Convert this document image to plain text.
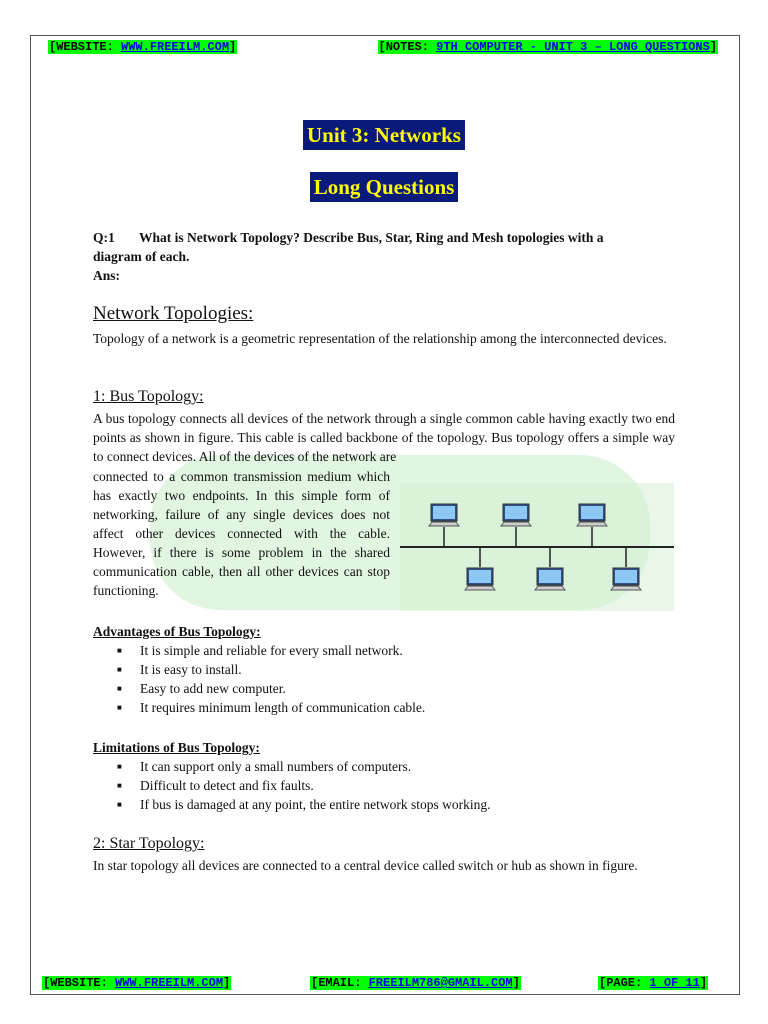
[WEBSITE: WWW.FREEILM.COM]	[NOTES: 9TH COMPUTER - UNIT 3 – LONG QUESTIONS]
Unit 3: Networks
Long Questions
Q:1 What is Network Topology? Describe Bus, Star, Ring and Mesh topologies with a
diagram of each.
Ans:
Network Topologies:
Topology of a network is a geometric representation of the relationship among the interconnected devices.
1: Bus Topology:
A bus topology connects all devices of the network through a single common cable having exactly two end points as shown in figure. This cable is called backbone of the topology. Bus topology offers a simple way to connect devices. All of the devices of the network are
connected to a common transmission medium which has exactly two endpoints. In this simple form of networking, failure of any single devices does not affect other devices connected with the cable. However, if there is some problem in the shared communication cable, then all other devices can stop functioning.
Advantages of Bus Topology:
■ It is simple and reliable for every small network.
■ It is easy to install.
■ Easy to add new computer.
■ It requires minimum length of communication cable.
Limitations of Bus Topology:
■ It can support only a small numbers of computers.
■ Difficult to detect and fix faults.
■ If bus is damaged at any point, the entire network stops working.
2: Star Topology:
In star topology all devices are connected to a central device called switch or hub as shown in figure.
[WEBSITE: WWW.FREEILM.COM]	[EMAIL: FREEILM786@GMAIL.COM]	[PAGE: 1 OF 11]
